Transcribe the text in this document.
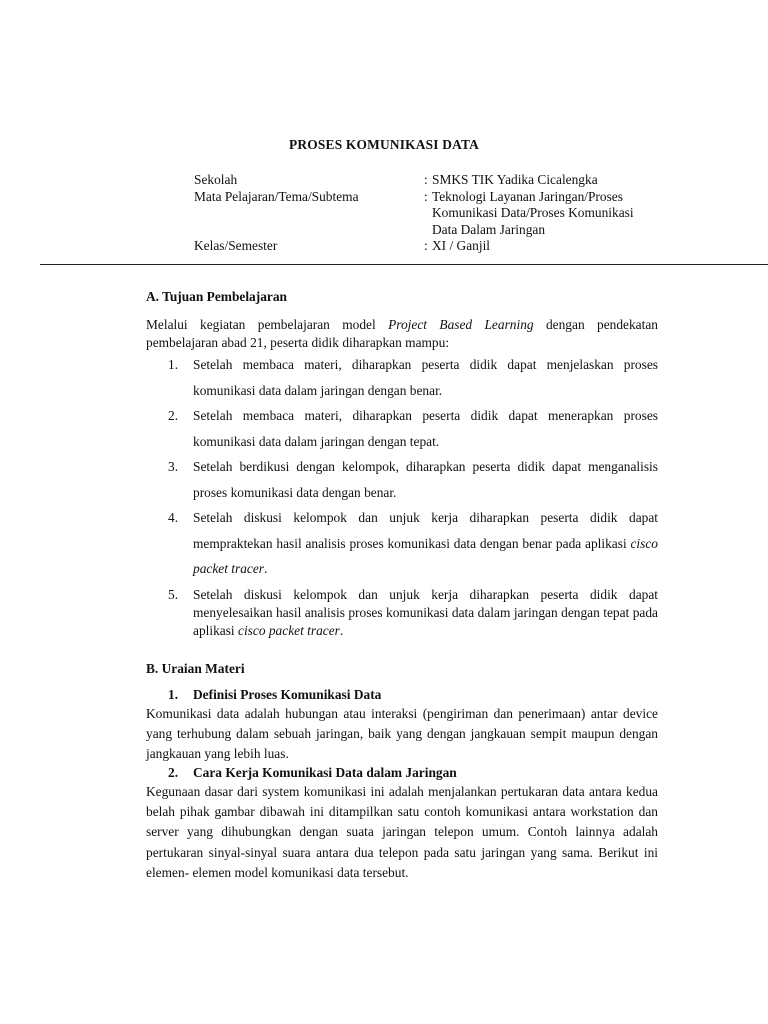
PROSES KOMUNIKASI DATA
Sekolah	: SMKS TIK Yadika Cicalengka
Mata Pelajaran/Tema/Subtema	: Teknologi Layanan Jaringan/Proses Komunikasi Data/Proses Komunikasi Data Dalam Jaringan
Kelas/Semester	: XI / Ganjil
A. Tujuan Pembelajaran
Melalui kegiatan pembelajaran model Project Based Learning dengan pendekatan pembelajaran abad 21, peserta didik diharapkan mampu:
1. Setelah membaca materi, diharapkan peserta didik dapat menjelaskan proses komunikasi data dalam jaringan dengan benar.
2. Setelah membaca materi, diharapkan peserta didik dapat menerapkan proses komunikasi data dalam jaringan dengan tepat.
3. Setelah berdikusi dengan kelompok, diharapkan peserta didik dapat menganalisis proses komunikasi data dengan benar.
4. Setelah diskusi kelompok dan unjuk kerja diharapkan peserta didik dapat mempraktekan hasil analisis proses komunikasi data dengan benar pada aplikasi cisco packet tracer.
5. Setelah diskusi kelompok dan unjuk kerja diharapkan peserta didik dapat menyelesaikan hasil analisis proses komunikasi data dalam jaringan dengan tepat pada aplikasi cisco packet tracer.
B. Uraian Materi
1. Definisi Proses Komunikasi Data
Komunikasi data adalah hubungan atau interaksi (pengiriman dan penerimaan) antar device yang terhubung dalam sebuah jaringan, baik yang dengan jangkauan sempit maupun dengan jangkauan yang lebih luas.
2. Cara Kerja Komunikasi Data dalam Jaringan
Kegunaan dasar dari system komunikasi ini adalah menjalankan pertukaran data antara kedua belah pihak gambar dibawah ini ditampilkan satu contoh komunikasi antara workstation dan server yang dihubungkan dengan suata jaringan telepon umum. Contoh lainnya adalah pertukaran sinyal-sinyal suara antara dua telepon pada satu jaringan yang sama. Berikut ini elemen- elemen model komunikasi data tersebut.
